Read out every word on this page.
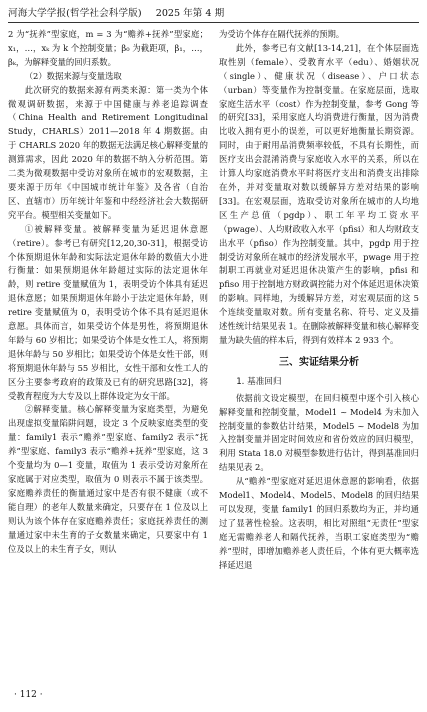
河海大学学报(哲学社会科学版) 2025 年第 4 期

2 为“抚养”型家庭，m = 3 为“赡养+抚养”型家庭；x₁，…，xₖ 为 k 个控制变量；β₀ 为截距项，β₁，…，βₖ，为解释变量的回归系数。

（2）数据来源与变量选取

此次研究的数据来源有两类来源：第一类为个体微观调研数据，来源于中国健康与养老追踪调查（China Health and Retirement Longitudinal Study，CHARLS）2011—2018 年 4 期数据。由于 CHARLS 2020 年的数据无法满足核心解释变量的测算需求，因此 2020 年的数据不纳入分析范围。第二类为微观数据中受访对象所在城市的宏观数据，主要来源于历年《中国城市统计年鉴》及各省（自治区、直辖市）历年统计年鉴和中经经济社会大数据研究平台。模型相关变量如下。

①被解释变量。被解释变量为延迟退休意愿（retire）。参考已有研究[12,20,30-31]，根据受访个体预期退休年龄和实际法定退休年龄的数值大小进行衡量：如果预期退休年龄超过实际的法定退休年龄，则 retire 变量赋值为 1，表明受访个体具有延迟退休意愿；如果预期退休年龄小于法定退休年龄，则 retire 变量赋值为 0，表明受访个体不具有延迟退休意愿。具体而言，如果受访个体是男性，将预期退休年龄与 60 岁相比；如果受访个体是女性工人，将预期退休年龄与 50 岁相比；如果受访个体是女性干部，则将预期退休年龄与 55 岁相比，女性干部和女性工人的区分主要参考政府的政策及已有的研究思路[32]，将受教育程度为大专及以上群体设定为女干部。

②解释变量。核心解释变量为家庭类型，为避免出现虚拟变量陷阱问题，设定 3 个反映家庭类型的变量：family1 表示“赡养”型家庭、family2 表示“抚养”型家庭、family3 表示“赡养+抚养”型家庭，这 3 个变量均为 0—1 变量，取值为 1 表示受访对象所在家庭属于对应类型，取值为 0 则表示不属于该类型。家庭赡养责任的衡量通过家中是否有很不健康（或不能自理）的老年人数量来确定，只要存在 1 位及以上则认为该个体存在家庭赡养责任；家庭抚养责任的测量通过家中未生育的子女数量来确定，只要家中有 1 位及以上的未生育子女，则认

为受访个体存在隔代抚养的预期。

此外，参考已有文献[13-14,21]，在个体层面选取性别（female）、受教育水平（edu）、婚姻状况（single）、健康状况（disease）、户口状态（urban）等变量作为控制变量。在家庭层面，选取家庭生活水平（cost）作为控制变量，参考 Gong 等的研究[33]，采用家庭人均消费进行衡量，因为消费比收入拥有更小的误差，可以更好地衡量长期资源。同时，由于耐用品消费频率较低，不具有长期性，而医疗支出会混淆消费与家庭收入水平的关系，所以在计算人均家庭消费水平时将医疗支出和消费支出排除在外，并对变量取对数以缓解异方差对结果的影响[33]。在宏观层面，选取受访对象所在城市的人均地区生产总值（pgdp）、职工年平均工资水平（pwage）、人均财政收入水平（pfisi）和人均财政支出水平（pfiso）作为控制变量。其中，pgdp 用于控制受访对象所在城市的经济发展水平，pwage 用于控制职工再就业对延迟退休决策产生的影响，pfisi 和 pfiso 用于控制地方财政调控能力对个体延迟退休决策的影响。同样地，为缓解异方差，对宏观层面的这 5 个连续变量取对数。所有变量名称、符号、定义及描述性统计结果见表 1。在删除被解释变量和核心解释变量为缺失值的样本后，得到有效样本 2 933 个。

三、实证结果分析
1. 基准回归

依据前文设定模型，在回归模型中逐个引入核心解释变量和控制变量，Model1 ~ Model4 为未加入控制变量的参数估计结果，Model5 ~ Model8 为加入控制变量并固定时间效应和省份效应的回归模型，利用 Stata 18.0 对模型参数进行估计，得到基准回归结果见表 2。

从“赡养”型家庭对延迟退休意愿的影响看，依据 Model1、Model4、Model5、Model8 的回归结果可以发现，变量 family1 的回归系数均为正，并均通过了显著性检验。这表明，相比对照组“无责任”型家庭无需赡养老人和隔代抚养，当职工家庭类型为“赡养”型时，即增加赡养老人责任后，个体有更大概率选择延迟退

· 112 ·
